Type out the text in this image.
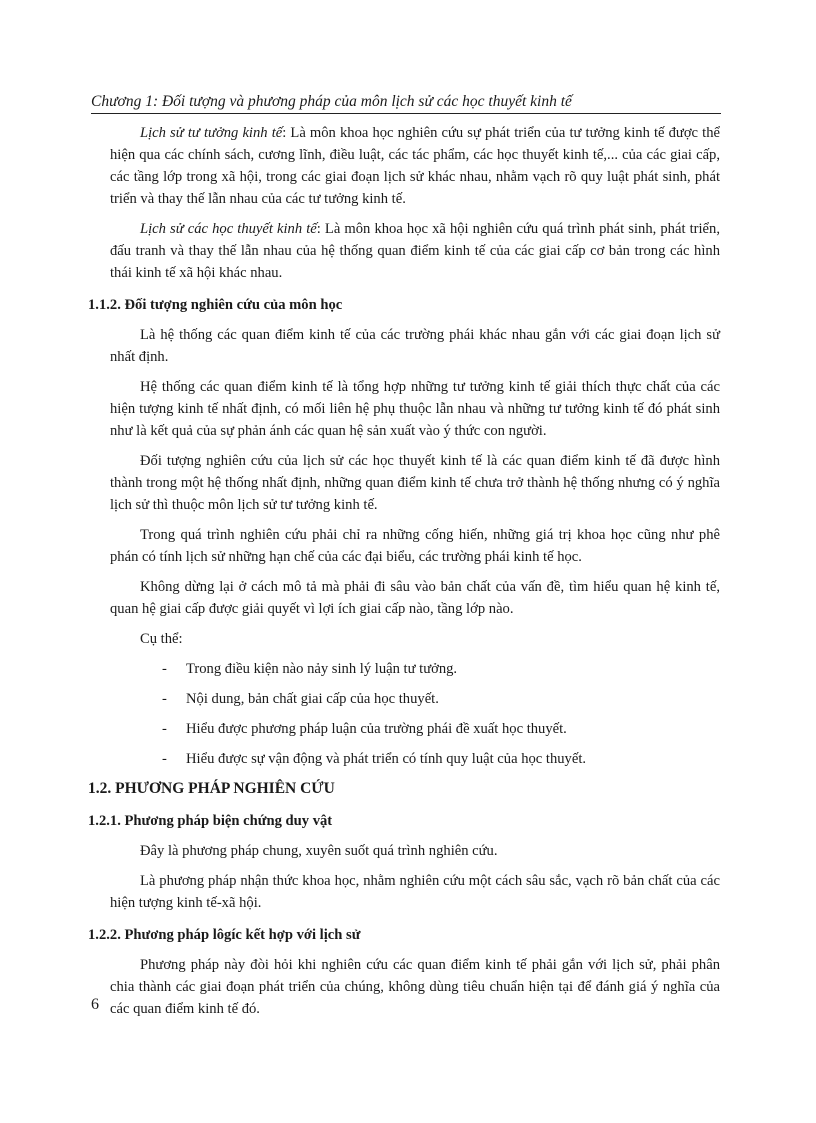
Chương 1: Đối tượng và phương pháp của môn lịch sử các học thuyết kinh tế

Lịch sử tư tưởng kinh tế: Là môn khoa học nghiên cứu sự phát triển của tư tưởng kinh tế được thể hiện qua các chính sách, cương lĩnh, điều luật, các tác phẩm, các học thuyết kinh tế,... của các giai cấp, các tầng lớp trong xã hội, trong các giai đoạn lịch sử khác nhau, nhằm vạch rõ quy luật phát sinh, phát triển và thay thế lẫn nhau của các tư tưởng kinh tế.

Lịch sử các học thuyết kinh tế: Là môn khoa học xã hội nghiên cứu quá trình phát sinh, phát triển, đấu tranh và thay thế lẫn nhau của hệ thống quan điểm kinh tế của các giai cấp cơ bản trong các hình thái kinh tế xã hội khác nhau.

1.1.2. Đối tượng nghiên cứu của môn học

Là hệ thống các quan điểm kinh tế của các trường phái khác nhau gắn với các giai đoạn lịch sử nhất định.

Hệ thống các quan điểm kinh tế là tổng hợp những tư tưởng kinh tế giải thích thực chất của các hiện tượng kinh tế nhất định, có mối liên hệ phụ thuộc lẫn nhau và những tư tưởng kinh tế đó phát sinh như là kết quả của sự phản ánh các quan hệ sản xuất vào ý thức con người.

Đối tượng nghiên cứu của lịch sử các học thuyết kinh tế là các quan điểm kinh tế đã được hình thành trong một hệ thống nhất định, những quan điểm kinh tế chưa trở thành hệ thống nhưng có ý nghĩa lịch sử thì thuộc môn lịch sử tư tưởng kinh tế.

Trong quá trình nghiên cứu phải chỉ ra những cống hiến, những giá trị khoa học cũng như phê phán có tính lịch sử những hạn chế của các đại biểu, các trường phái kinh tế học.

Không dừng lại ở cách mô tả mà phải đi sâu vào bản chất của vấn đề, tìm hiểu quan hệ kinh tế, quan hệ giai cấp được giải quyết vì lợi ích giai cấp nào, tầng lớp nào.

Cụ thể:

- Trong điều kiện nào nảy sinh lý luận tư tưởng.
- Nội dung, bản chất giai cấp của học thuyết.
- Hiểu được phương pháp luận của trường phái đề xuất học thuyết.
- Hiểu được sự vận động và phát triển có tính quy luật của học thuyết.
1.2. PHƯƠNG PHÁP NGHIÊN CỨU
1.2.1. Phương pháp biện chứng duy vật

Đây là phương pháp chung, xuyên suốt quá trình nghiên cứu.

Là phương pháp nhận thức khoa học, nhằm nghiên cứu một cách sâu sắc, vạch rõ bản chất của các hiện tượng kinh tế-xã hội.

1.2.2. Phương pháp lôgíc kết hợp với lịch sử

Phương pháp này đòi hỏi khi nghiên cứu các quan điểm kinh tế phải gắn với lịch sử, phải phân chia thành các giai đoạn phát triển của chúng, không dùng tiêu chuẩn hiện tại để đánh giá ý nghĩa của các quan điểm kinh tế đó.

6
